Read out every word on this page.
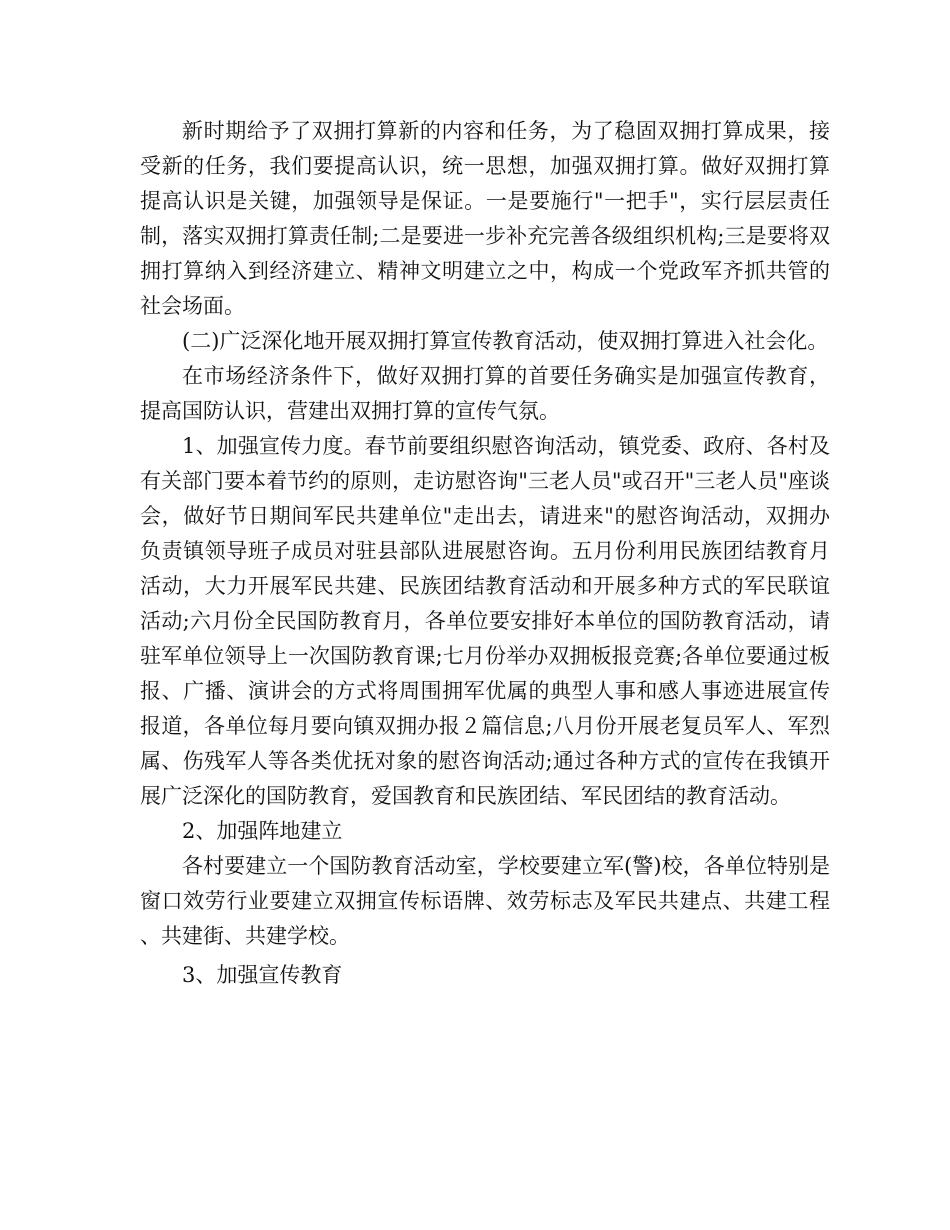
新时期给予了双拥打算新的内容和任务，为了稳固双拥打算成果，接受新的任务，我们要提高认识，统一思想，加强双拥打算。做好双拥打算提高认识是关键，加强领导是保证。一是要施行"一把手"，实行层层责任制，落实双拥打算责任制;二是要进一步补充完善各级组织机构;三是要将双拥打算纳入到经济建立、精神文明建立之中，构成一个党政军齐抓共管的社会场面。

(二)广泛深化地开展双拥打算宣传教育活动，使双拥打算进入社会化。

在市场经济条件下，做好双拥打算的首要任务确实是加强宣传教育，提高国防认识，营建出双拥打算的宣传气氛。

1、加强宣传力度。春节前要组织慰咨询活动，镇党委、政府、各村及有关部门要本着节约的原则，走访慰咨询"三老人员"或召开"三老人员"座谈会，做好节日期间军民共建单位"走出去，请进来"的慰咨询活动，双拥办负责镇领导班子成员对驻县部队进展慰咨询。五月份利用民族团结教育月活动，大力开展军民共建、民族团结教育活动和开展多种方式的军民联谊活动;六月份全民国防教育月，各单位要安排好本单位的国防教育活动，请驻军单位领导上一次国防教育课;七月份举办双拥板报竞赛;各单位要通过板报、广播、演讲会的方式将周围拥军优属的典型人事和感人事迹进展宣传报道，各单位每月要向镇双拥办报２篇信息;八月份开展老复员军人、军烈属、伤残军人等各类优抚对象的慰咨询活动;通过各种方式的宣传在我镇开展广泛深化的国防教育，爱国教育和民族团结、军民团结的教育活动。

2、加强阵地建立

各村要建立一个国防教育活动室，学校要建立军(警)校，各单位特别是窗口效劳行业要建立双拥宣传标语牌、效劳标志及军民共建点、共建工程、共建街、共建学校。

3、加强宣传教育
